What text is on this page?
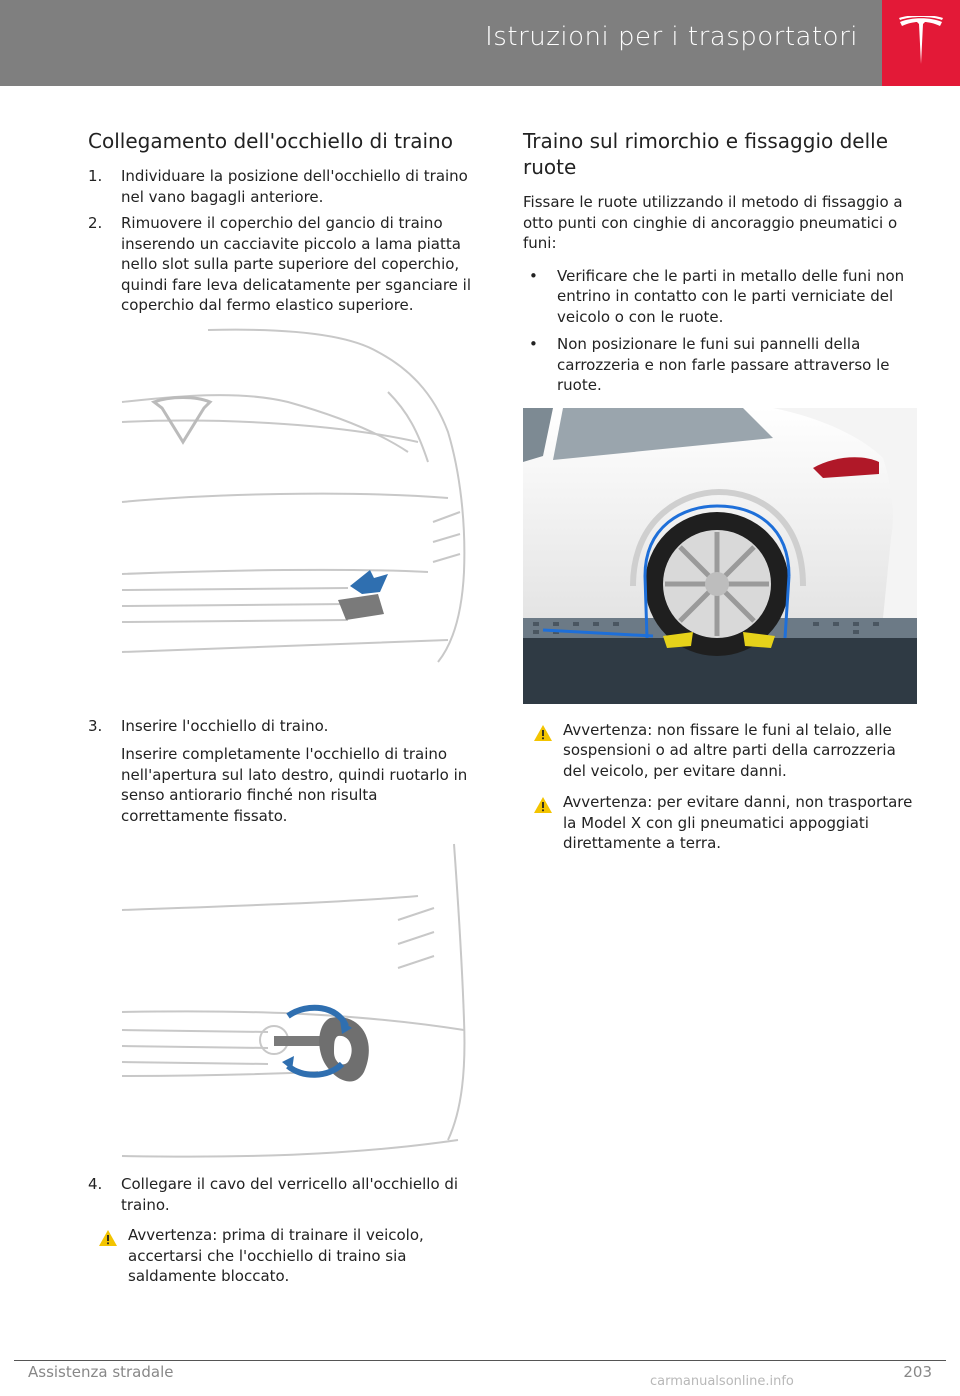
Istruzioni per i trasportatori
Collegamento dell'occhiello di traino
1. Individuare la posizione dell'occhiello di traino nel vano bagagli anteriore.
2. Rimuovere il coperchio del gancio di traino inserendo un cacciavite piccolo a lama piatta nello slot sulla parte superiore del coperchio, quindi fare leva delicatamente per sganciare il coperchio dal fermo elastico superiore.
3. Inserire l'occhiello di traino.

Inserire completamente l'occhiello di traino nell'apertura sul lato destro, quindi ruotarlo in senso antiorario finché non risulta correttamente fissato.

4. Collegare il cavo del verricello all'occhiello di traino.
Avvertenza: prima di trainare il veicolo, accertarsi che l'occhiello di traino sia saldamente bloccato.
Traino sul rimorchio e fissaggio delle ruote

Fissare le ruote utilizzando il metodo di fissaggio a otto punti con cinghie di ancoraggio pneumatici o funi:

• Verificare che le parti in metallo delle funi non entrino in contatto con le parti verniciate del veicolo o con le ruote.
• Non posizionare le funi sui pannelli della carrozzeria e non farle passare attraverso le ruote.
Avvertenza: non fissare le funi al telaio, alle sospensioni o ad altre parti della carrozzeria del veicolo, per evitare danni.
Avvertenza: per evitare danni, non trasportare la Model X con gli pneumatici appoggiati direttamente a terra.
Assistenza stradale	203
carmanualsonline.info
